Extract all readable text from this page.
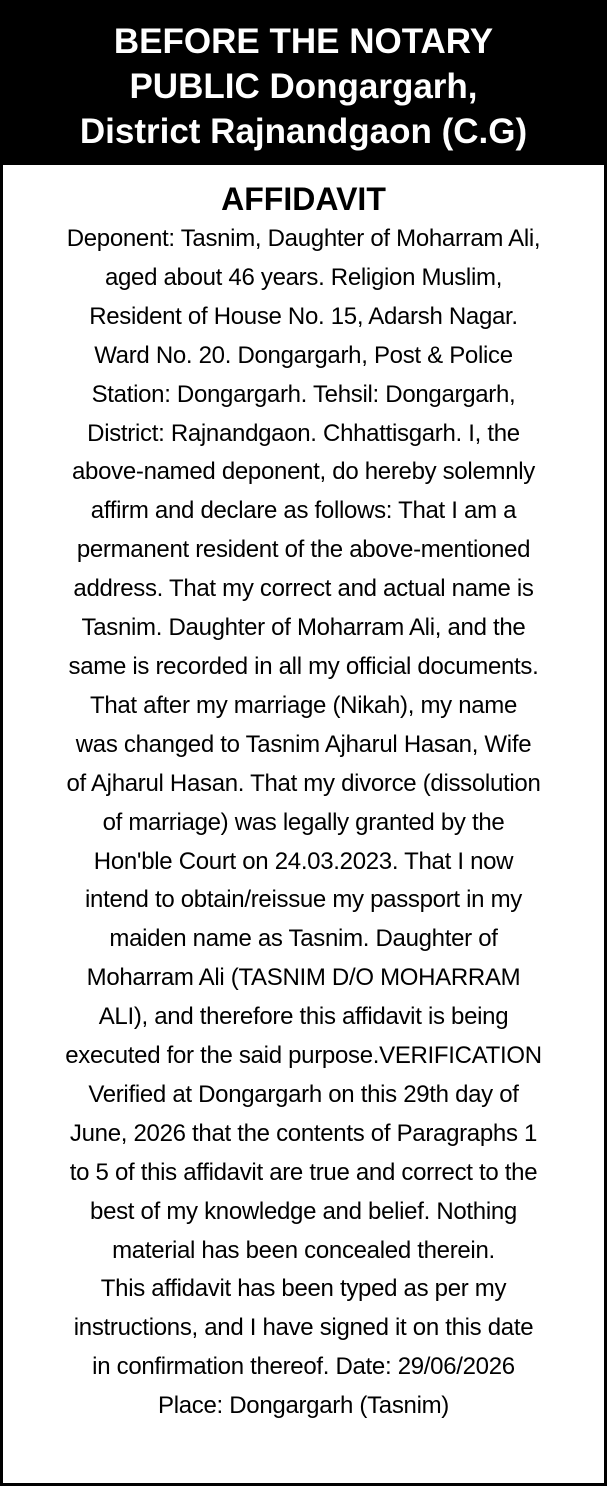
BEFORE THE NOTARY
PUBLIC Dongargarh,
District Rajnandgaon (C.G)
AFFIDAVIT
Deponent: Tasnim, Daughter of Moharram Ali,
aged about 46 years. Religion Muslim,
Resident of House No. 15, Adarsh Nagar.
Ward No. 20. Dongargarh, Post & Police
Station: Dongargarh. Tehsil: Dongargarh,
District: Rajnandgaon. Chhattisgarh. I, the
above-named deponent, do hereby solemnly
affirm and declare as follows: That I am a
permanent resident of the above-mentioned
address. That my correct and actual name is
Tasnim. Daughter of Moharram Ali, and the
same is recorded in all my official documents.
That after my marriage (Nikah), my name
was changed to Tasnim Ajharul Hasan, Wife
of Ajharul Hasan. That my divorce (dissolution
of marriage) was legally granted by the
Hon'ble Court on 24.03.2023. That I now
intend to obtain/reissue my passport in my
maiden name as Tasnim. Daughter of
Moharram Ali (TASNIM D/O MOHARRAM
ALI), and therefore this affidavit is being
executed for the said purpose.VERIFICATION
Verified at Dongargarh on this 29th day of
June, 2026 that the contents of Paragraphs 1
to 5 of this affidavit are true and correct to the
best of my knowledge and belief. Nothing
material has been concealed therein.
This affidavit has been typed as per my
instructions, and I have signed it on this date
in confirmation thereof. Date: 29/06/2026
Place: Dongargarh (Tasnim)
